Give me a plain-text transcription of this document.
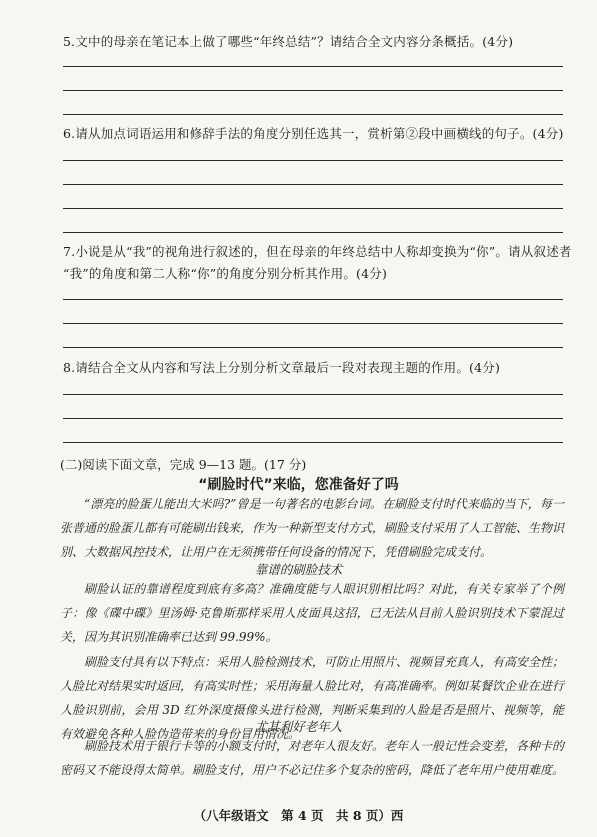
5.文中的母亲在笔记本上做了哪些“年终总结”？请结合全文内容分条概括。(4分)
6.请从加点词语运用和修辞手法的角度分别任选其一，赏析第②段中画横线的句子。(4分)
7.小说是从“我”的视角进行叙述的，但在母亲的年终总结中人称却变换为“你”。请从叙述者
“我”的角度和第二人称“你”的角度分别分析其作用。(4分)
8.请结合全文从内容和写法上分别分析文章最后一段对表现主题的作用。(4分)
(二)阅读下面文章，完成 9—13 题。(17 分)
“刷脸时代”来临，您准备好了吗

“漂亮的脸蛋儿能出大米吗?”曾是一句著名的电影台词。在刷脸支付时代来临的当下，每一张普通的脸蛋儿都有可能刷出钱来，作为一种新型支付方式，刷脸支付采用了人工智能、生物识别、大数据风控技术，让用户在无须携带任何设备的情况下，凭借刷脸完成支付。

靠谱的刷脸技术

刷脸认证的靠谱程度到底有多高？准确度能与人眼识别相比吗？对此，有关专家举了个例子：像《碟中碟》里汤姆·克鲁斯那样采用人皮面具这招，已无法从目前人脸识别技术下蒙混过关，因为其识别准确率已达到 99.99%。

刷脸支付具有以下特点：采用人脸检测技术，可防止用照片、视频冒充真人，有高安全性；人脸比对结果实时返回，有高实时性；采用海量人脸比对，有高准确率。例如某餐饮企业在进行人脸识别前，会用 3D 红外深度摄像头进行检测，判断采集到的人脸是否是照片、视频等，能有效避免各种人脸伪造带来的身份冒用情况。

尤其利好老年人

刷脸技术用于银行卡等的小额支付时，对老年人很友好。老年人一般记性会变差，各种卡的密码又不能设得太简单。刷脸支付，用户不必记住多个复杂的密码，降低了老年用户使用难度。

（八年级语文　第 4 页　共 8 页）西
